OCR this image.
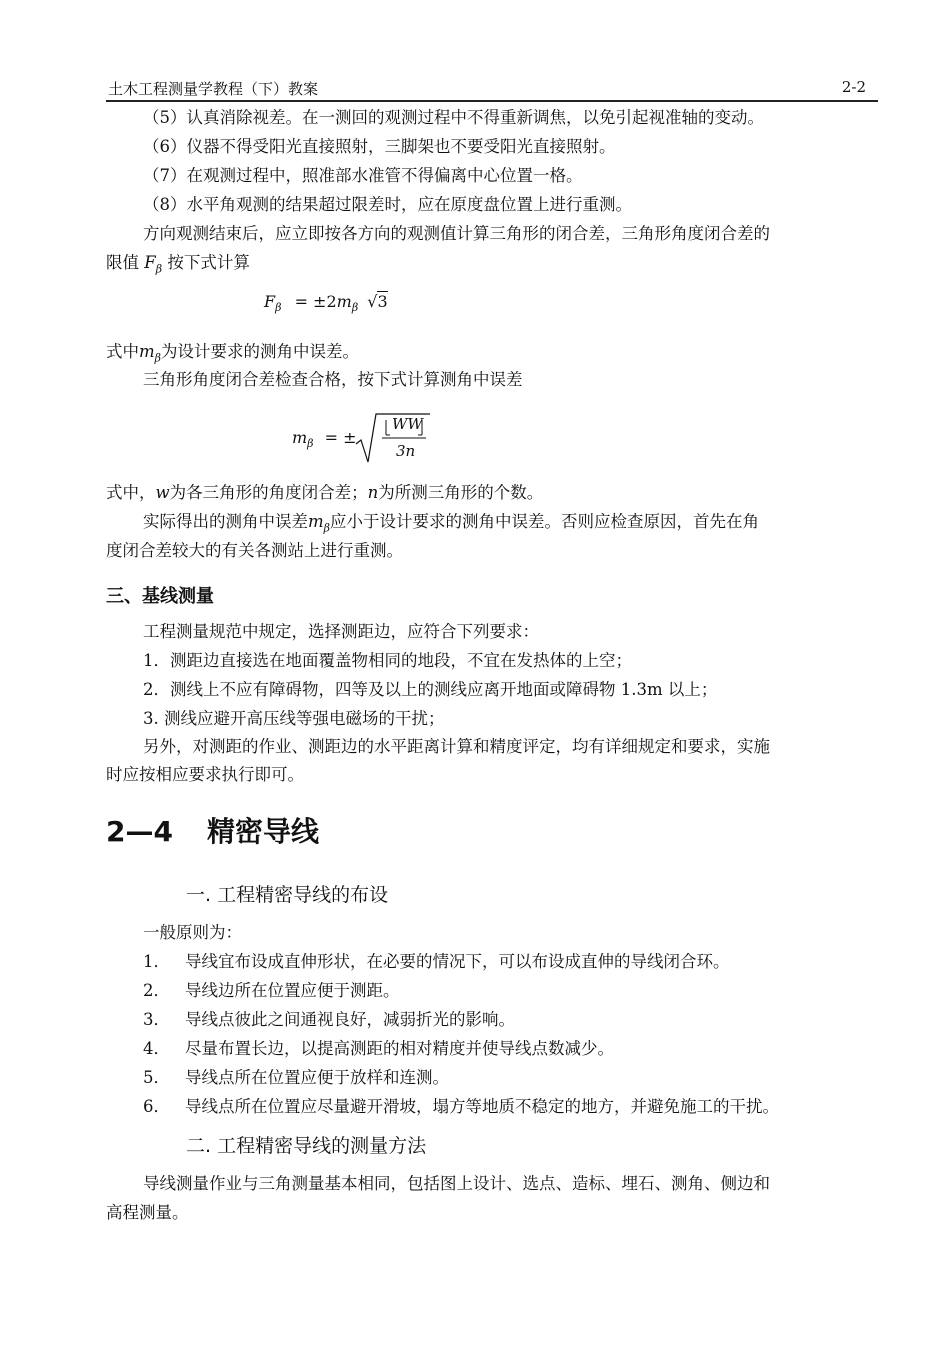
土木工程测量学教程（下）教案	2-2
（5）认真消除视差。在一测回的观测过程中不得重新调焦，以免引起视准轴的变动。
（6）仪器不得受阳光直接照射，三脚架也不要受阳光直接照射。
（7）在观测过程中，照准部水准管不得偏离中心位置一格。
（8）水平角观测的结果超过限差时，应在原度盘位置上进行重测。
方向观测结束后，应立即按各方向的观测值计算三角形的闭合差，三角形角度闭合差的
限值 $F_\beta$ 按下式计算
$F_\beta = \pm 2m_\beta$ √3
式中$m_\beta$为设计要求的测角中误差。
三角形角度闭合差检查合格，按下式计算测角中误差
$m_\beta$ = ±
WW
3n
式中，w为各三角形的角度闭合差；n为所测三角形的个数。
实际得出的测角中误差$m_\beta$应小于设计要求的测角中误差。否则应检查原因，首先在角
度闭合差较大的有关各测站上进行重测。
三、基线测量
工程测量规范中规定，选择测距边，应符合下列要求：
1．测距边直接选在地面覆盖物相同的地段，不宜在发热体的上空；
2．测线上不应有障碍物，四等及以上的测线应离开地面或障碍物 1.3m 以上；
3. 测线应避开高压线等强电磁场的干扰；
另外，对测距的作业、测距边的水平距离计算和精度评定，均有详细规定和要求，实施
时应按相应要求执行即可。
2—4 精密导线
一. 工程精密导线的布设
一般原则为：
1． 导线宜布设成直伸形状，在必要的情况下，可以布设成直伸的导线闭合环。
2． 导线边所在位置应便于测距。
3． 导线点彼此之间通视良好，减弱折光的影响。
4． 尽量布置长边，以提高测距的相对精度并使导线点数减少。
5． 导线点所在位置应便于放样和连测。
6． 导线点所在位置应尽量避开滑坡，塌方等地质不稳定的地方，并避免施工的干扰。
二. 工程精密导线的测量方法
导线测量作业与三角测量基本相同，包括图上设计、选点、造标、埋石、测角、侧边和
高程测量。
